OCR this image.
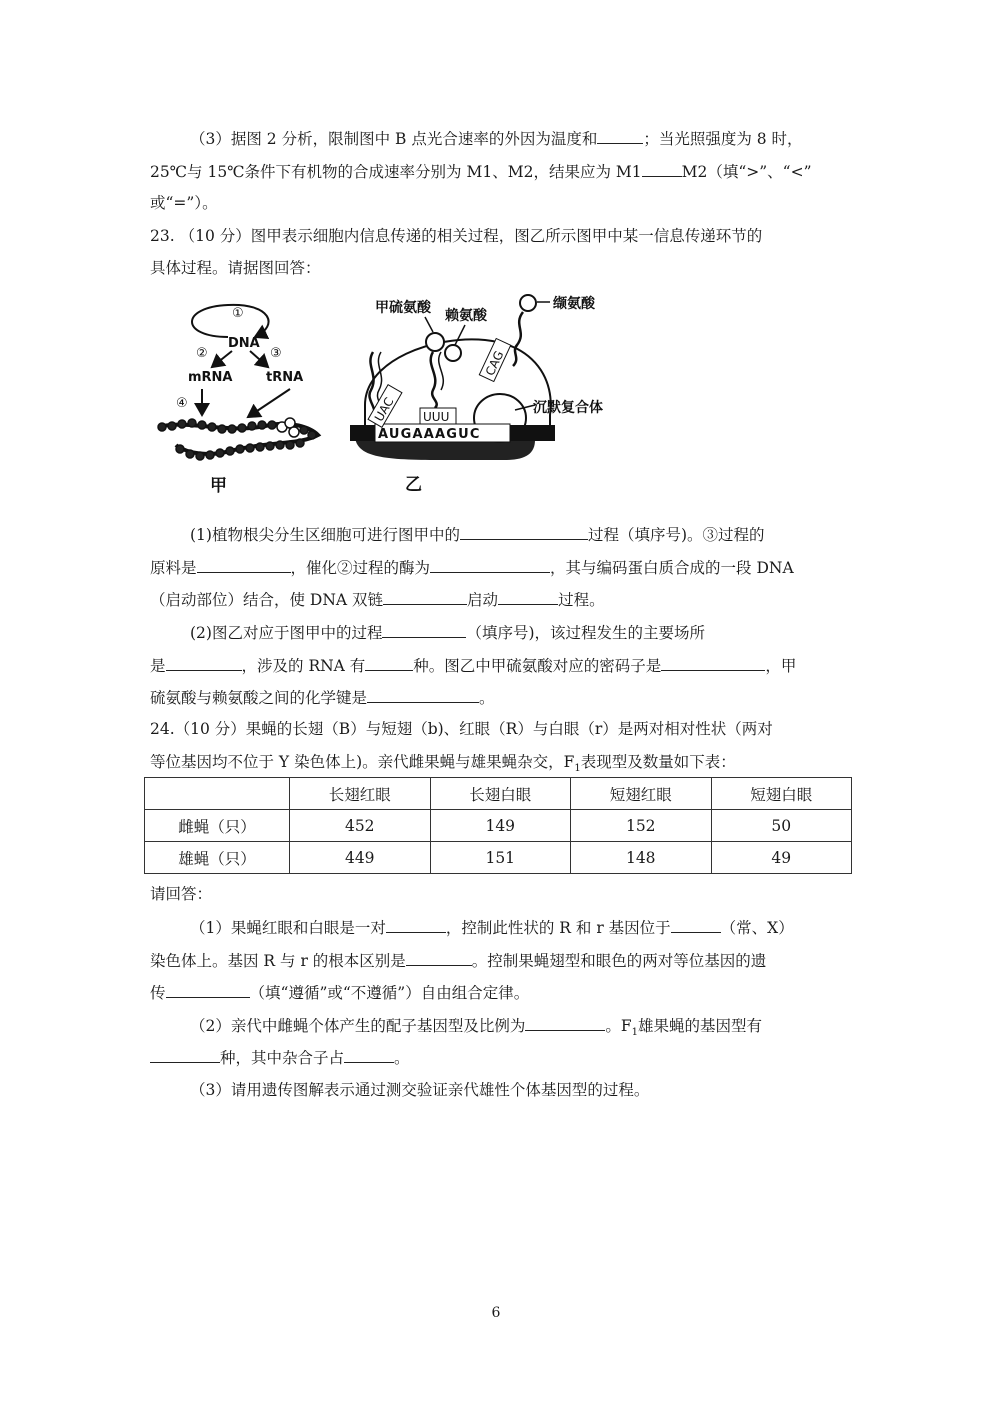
（3）据图 2 分析，限制图中 B 点光合速率的外因为温度和	；当光照强度为 8 时，
25℃与 15℃条件下有机物的合成速率分别为 M1、M2，结果应为 M1	M2（填“>”、“<”
或“=”）。
23. （10 分）图甲表示细胞内信息传递的相关过程，图乙所示图甲中某一信息传递环节的
具体过程。请据图回答：
①
DNA
②	③
mRNA	tRNA
④
甲
AUGAAAGUC
UAC UUU
CAG
甲硫氨酸 赖氨酸
缬氨酸
沉默复合体
乙
(1)植物根尖分生区细胞可进行图甲中的	过程（填序号)。③过程的
原料是	，催化②过程的酶为	，其与编码蛋白质合成的一段 DNA
（启动部位）结合，使 DNA 双链	启动	过程。
(2)图乙对应于图甲中的过程	（填序号)，该过程发生的主要场所
是	，涉及的 RNA 有	种。图乙中甲硫氨酸对应的密码子是	，甲
硫氨酸与赖氨酸之间的化学键是	。
24.（10 分）果蝇的长翅（B）与短翅（b)、红眼（R）与白眼（r）是两对相对性状（两对
等位基因均不位于 Y 染色体上)。亲代雌果蝇与雄果蝇杂交，$F_1$表现型及数量如下表：
	长翅红眼	长翅白眼	短翅红眼	短翅白眼
雌蝇（只）	452	149	152	50
雄蝇（只）	449	151	148	49
请回答：
（1）果蝇红眼和白眼是一对	，控制此性状的 R 和 r 基因位于	（常、X）
染色体上。基因 R 与 r 的根本区别是	。控制果蝇翅型和眼色的两对等位基因的遗
传	（填“遵循”或“不遵循”）自由组合定律。
（2）亲代中雌蝇个体产生的配子基因型及比例为	。$F_1$雄果蝇的基因型有
种，其中杂合子占	。
（3）请用遗传图解表示通过测交验证亲代雄性个体基因型的过程。
6
